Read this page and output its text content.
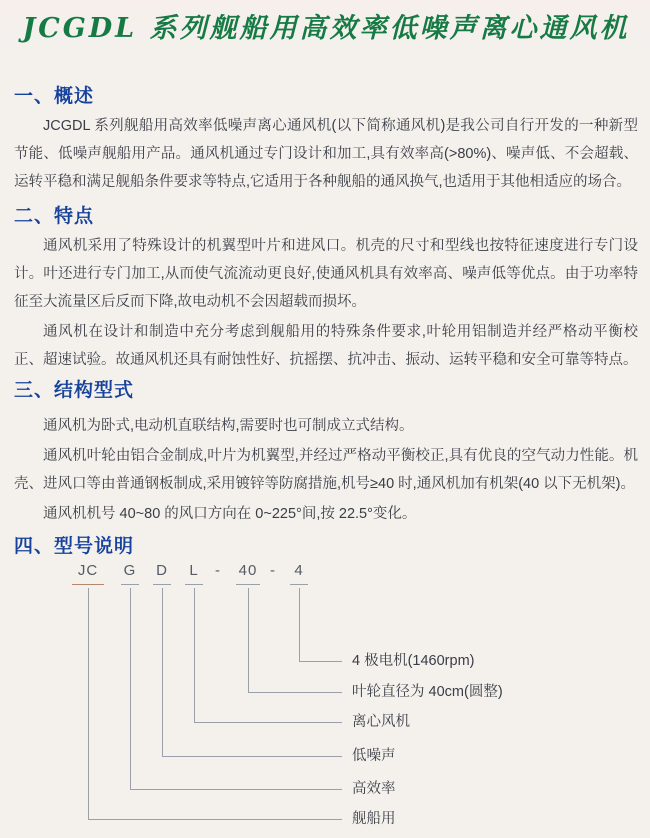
JCGDL 系列舰船用高效率低噪声离心通风机
一、概述

JCGDL 系列舰船用高效率低噪声离心通风机(以下简称通风机)是我公司自行开发的一种新型节能、低噪声舰船用产品。通风机通过专门设计和加工,具有效率高(>80%)、噪声低、不会超载、运转平稳和满足舰船条件要求等特点,它适用于各种舰船的通风换气,也适用于其他相适应的场合。

二、特点

通风机采用了特殊设计的机翼型叶片和进风口。机壳的尺寸和型线也按特征速度进行专门设计。叶还进行专门加工,从而使气流流动更良好,使通风机具有效率高、噪声低等优点。由于功率特征至大流量区后反而下降,故电动机不会因超载而损坏。

通风机在设计和制造中充分考虑到舰船用的特殊条件要求,叶轮用铝制造并经严格动平衡校正、超速试验。故通风机还具有耐蚀性好、抗摇摆、抗冲击、振动、运转平稳和安全可靠等特点。

三、结构型式

通风机为卧式,电动机直联结构,需要时也可制成立式结构。

通风机叶轮由铝合金制成,叶片为机翼型,并经过严格动平衡校正,具有优良的空气动力性能。机壳、进风口等由普通钢板制成,采用镀锌等防腐措施,机号≥40 时,通风机加有机架(40 以下无机架)。

通风机机号 40~80 的风口方向在 0~225°间,按 22.5°变化。

四、型号说明
JC	G D L	-	40 -	4
4 极电机(1460rpm)
叶轮直径为 40cm(圆整)
离心风机
低噪声
高效率
舰船用
